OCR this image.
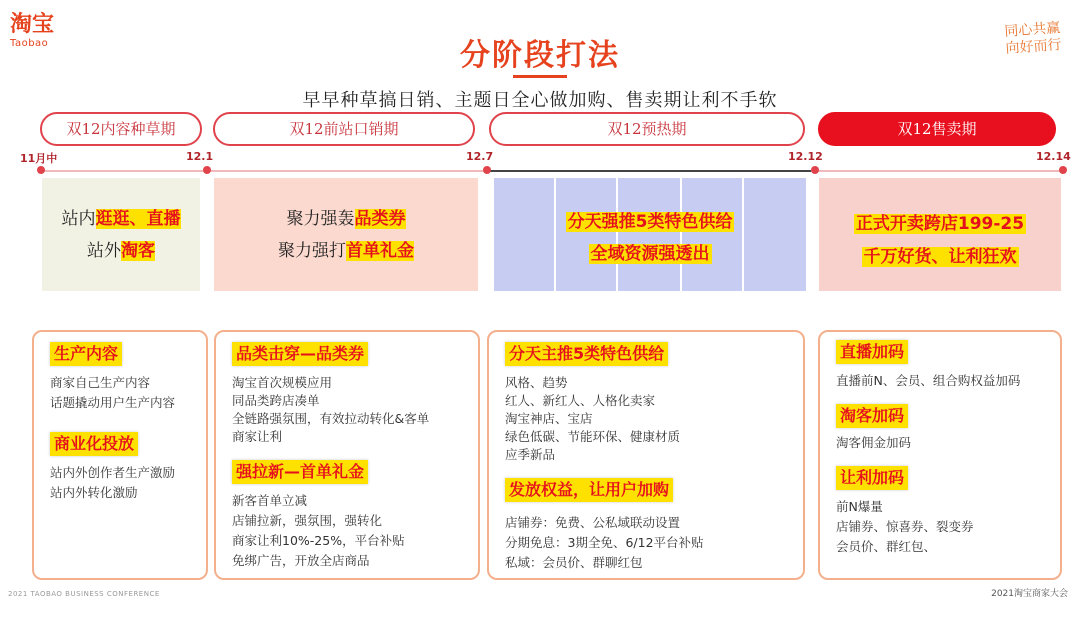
淘宝
Taobao
同心共赢 向好而行
分阶段打法
早早种草搞日销、主题日全心做加购、售卖期让利不手软
双12内容种草期	双12前站口销期	双12预热期	双12售卖期
11月中	12.1	12.7	12.12	12.14
站内逛逛、直播
站外淘客
聚力强轰品类券
聚力强打首单礼金
分天强推5类特色供给
全域资源强透出
正式开卖跨店199-25
千万好货、让利狂欢
生产内容
商家自己生产内容
话题撬动用户生产内容
商业化投放
站内外创作者生产激励
站内外转化激励
品类击穿—品类券
淘宝首次规模应用
同品类跨店凑单
全链路强氛围，有效拉动转化&客单
商家让利
强拉新—首单礼金
新客首单立减
店铺拉新，强氛围，强转化
商家让利10%-25%，平台补贴
免绑广告，开放全店商品
分天主推5类特色供给
风格、趋势
红人、新红人、人格化卖家
淘宝神店、宝店
绿色低碳、节能环保、健康材质
应季新品
发放权益，让用户加购
店铺券：免费、公私域联动设置
分期免息：3期全免、6/12平台补贴
私域：会员价、群聊红包
直播加码
直播前N、会员、组合购权益加码
淘客加码
淘客佣金加码
让利加码
前N爆量
店铺券、惊喜券、裂变券
会员价、群红包、
2021 TAOBAO BUSINESS CONFERENCE	2021淘宝商家大会
